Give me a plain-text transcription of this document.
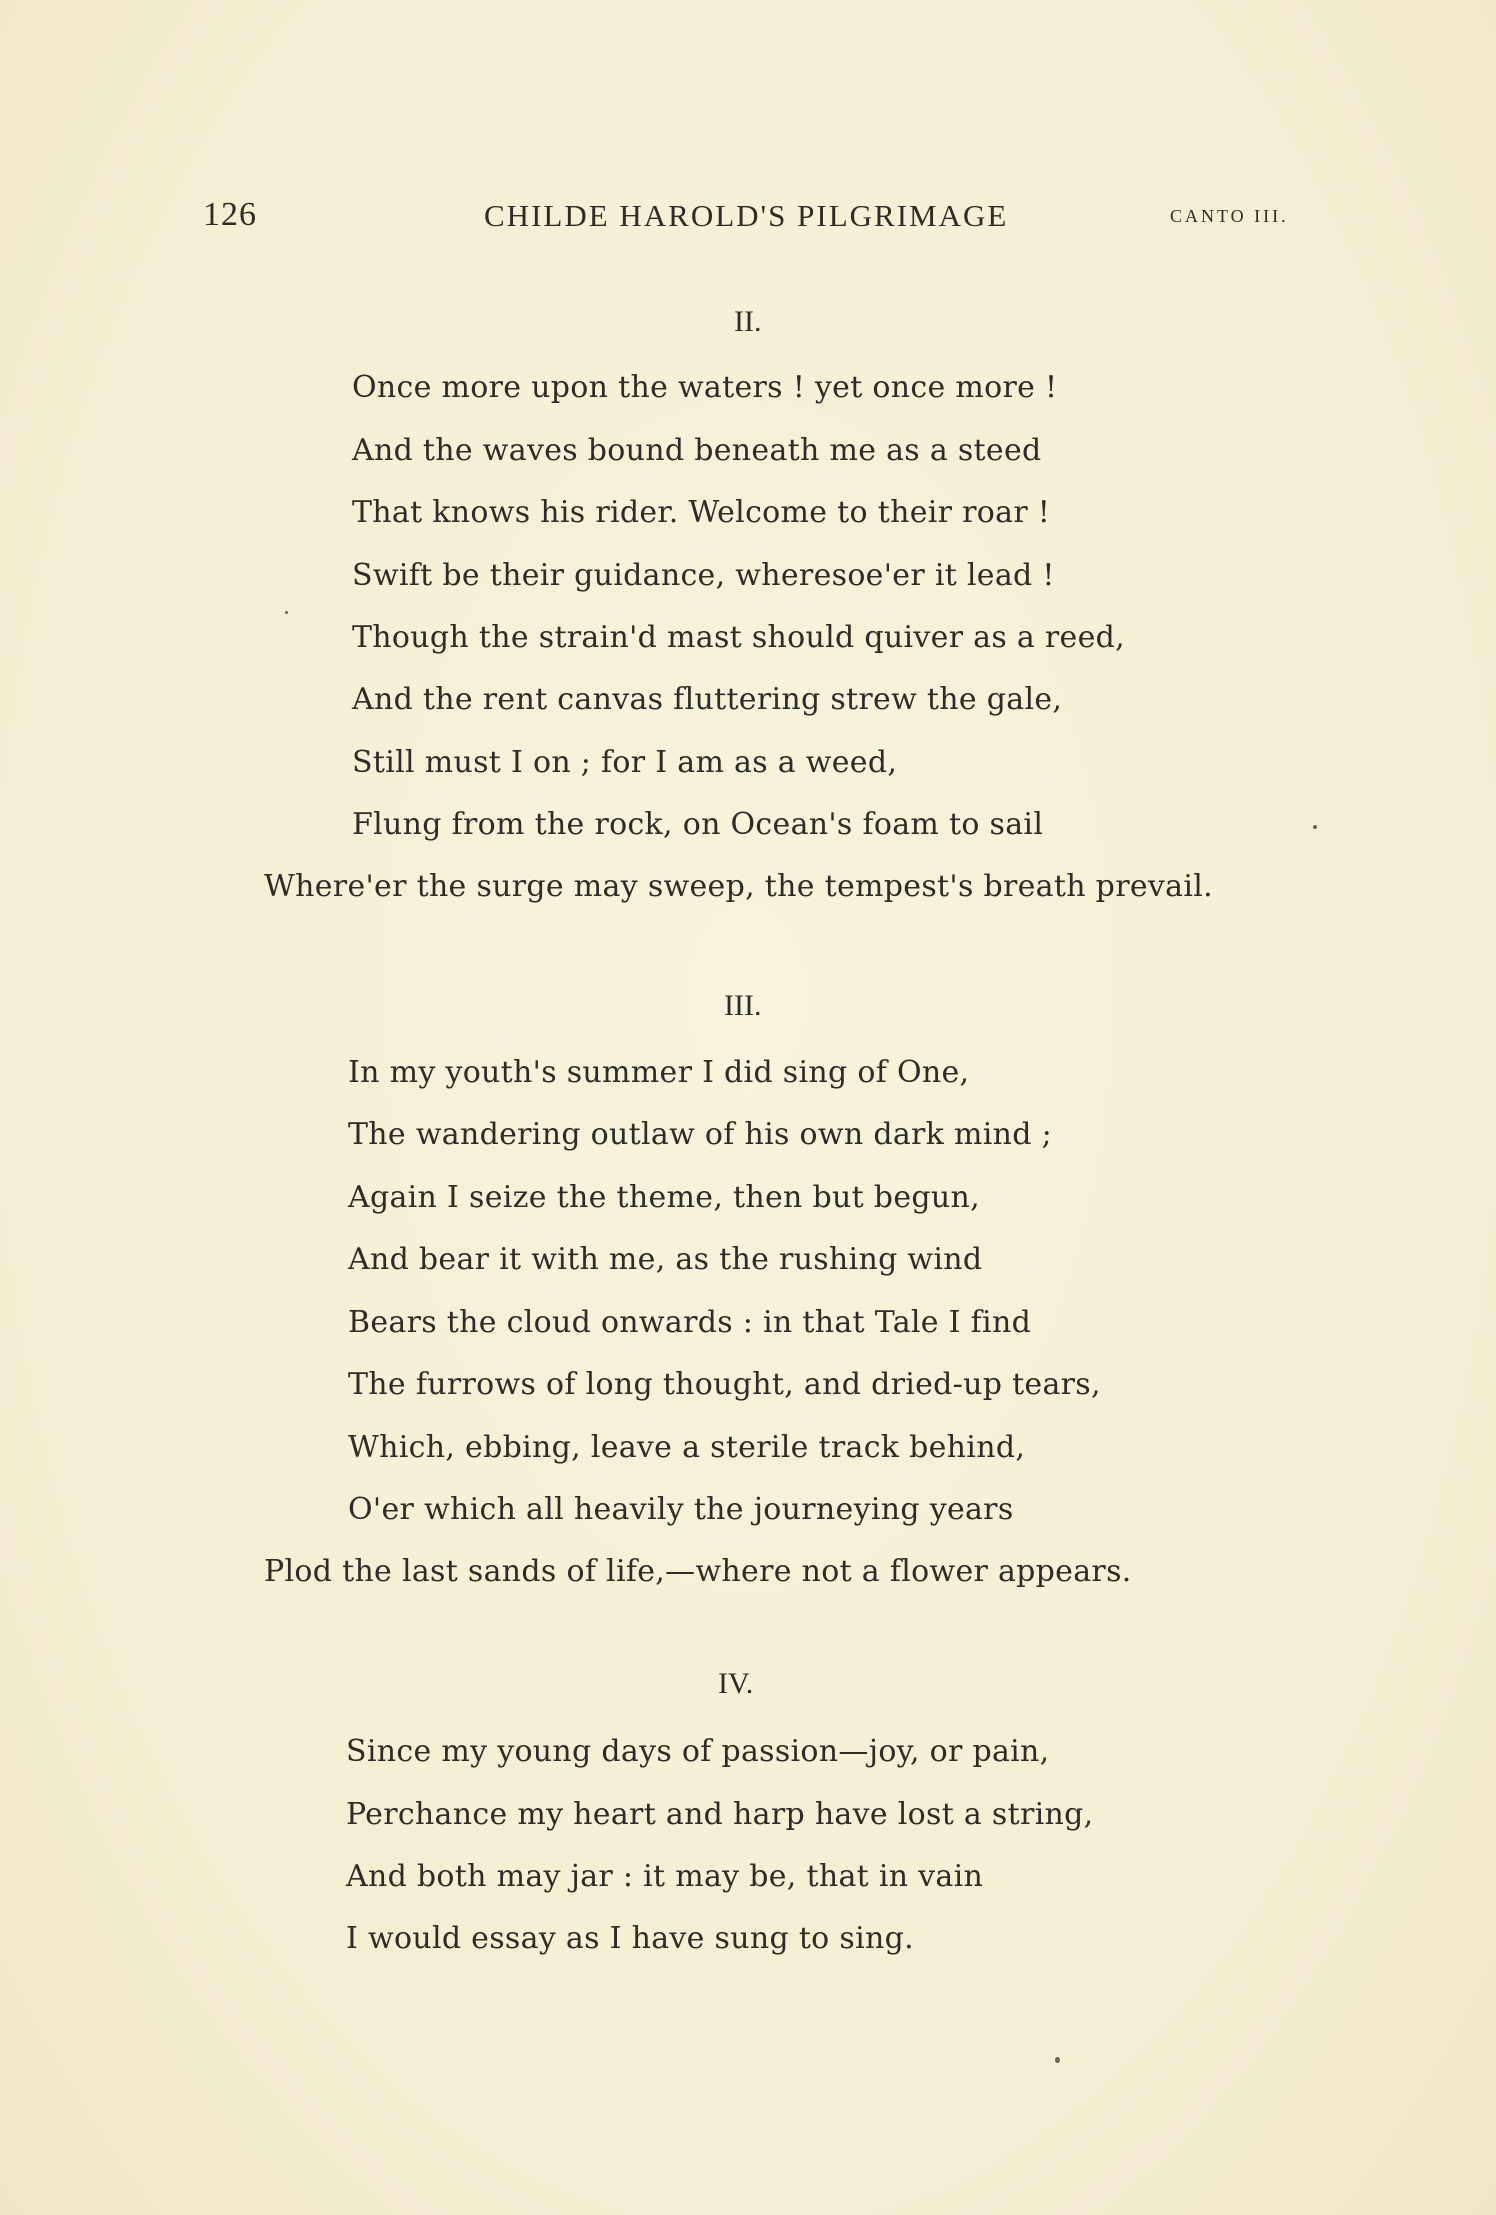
126	CHILDE HAROLD'S PILGRIMAGE	CANTO III.
II.
Once more upon the waters ! yet once more !
And the waves bound beneath me as a steed
That knows his rider. Welcome to their roar !
Swift be their guidance, wheresoe'er it lead !
Though the strain'd mast should quiver as a reed,
And the rent canvas fluttering strew the gale,
Still must I on ; for I am as a weed,
Flung from the rock, on Ocean's foam to sail
Where'er the surge may sweep, the tempest's breath prevail.
III.
In my youth's summer I did sing of One,
The wandering outlaw of his own dark mind ;
Again I seize the theme, then but begun,
And bear it with me, as the rushing wind
Bears the cloud onwards : in that Tale I find
The furrows of long thought, and dried-up tears,
Which, ebbing, leave a sterile track behind,
O'er which all heavily the journeying years
Plod the last sands of life,—where not a flower appears.
IV.
Since my young days of passion—joy, or pain,
Perchance my heart and harp have lost a string,
And both may jar : it may be, that in vain
I would essay as I have sung to sing.
